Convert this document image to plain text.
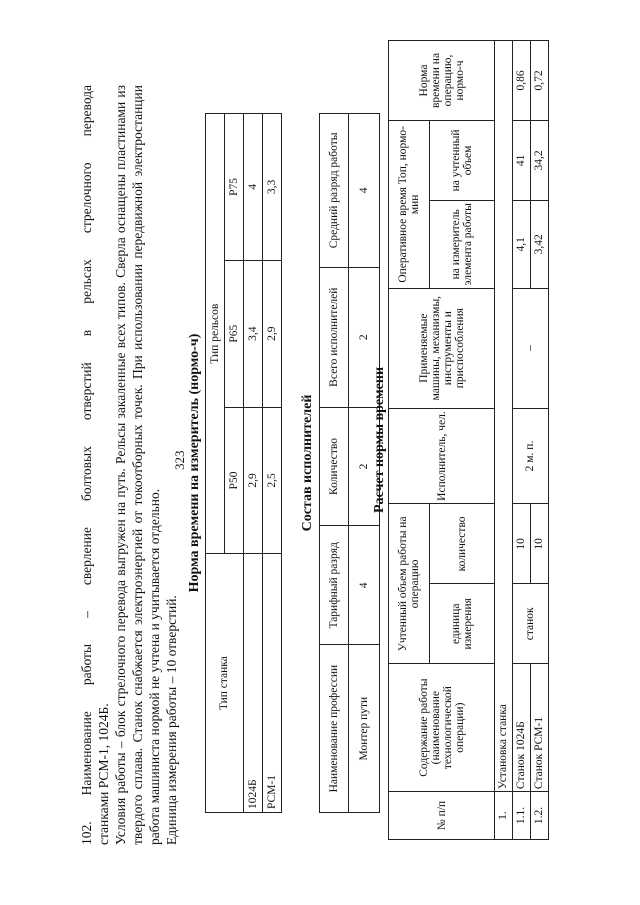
323

102. Наименование работы – сверление болтовых отверстий в рельсах стрелочного перевода

станками РСМ-1, 1024Б. Условия работы – блок стрелочного перевода выгружен на путь. Рельсы закаленные всех типов. Сверла оснащены пластинами из твердого сплава. Станок снабжается электроэнергией от токоотборных точек. При использовании передвижной электростанции работа машиниста нормой не учтена и учитывается отдельно. Единица измерения работы – 10 отверстий.

Норма времени на измеритель (нормо-ч)
Тип станка	Тип рельсов		
	Р50	Р65	Р75
1024Б	2,9	3,4	4
РСМ-1	2,5	2,9	3,3
Состав исполнителей
Наименование профессии	Тарифный разряд	Количество	Всего исполнителей	Средний разряд работы
Монтер пути	4	2	2	4
Расчет нормы времени
№ п/п	Содержание работы (наименование технологической операции)	Учтенный объем работы на операцию		Исполнитель, чел.	Применяемые машины, механизмы, инструменты и приспособления	Оперативное время Топ, нормо-мин		Норма времени на операцию, нормо-ч
		единица измерения	количество			на измеритель элемента работы	на учтенный объем	
1.	Установка станка							
1.1.	Станок 1024Б	станок	10	2 м. п.	–	4,1	41	0,86
1.2.	Станок РСМ-1		10			3,42	34,2	0,72
